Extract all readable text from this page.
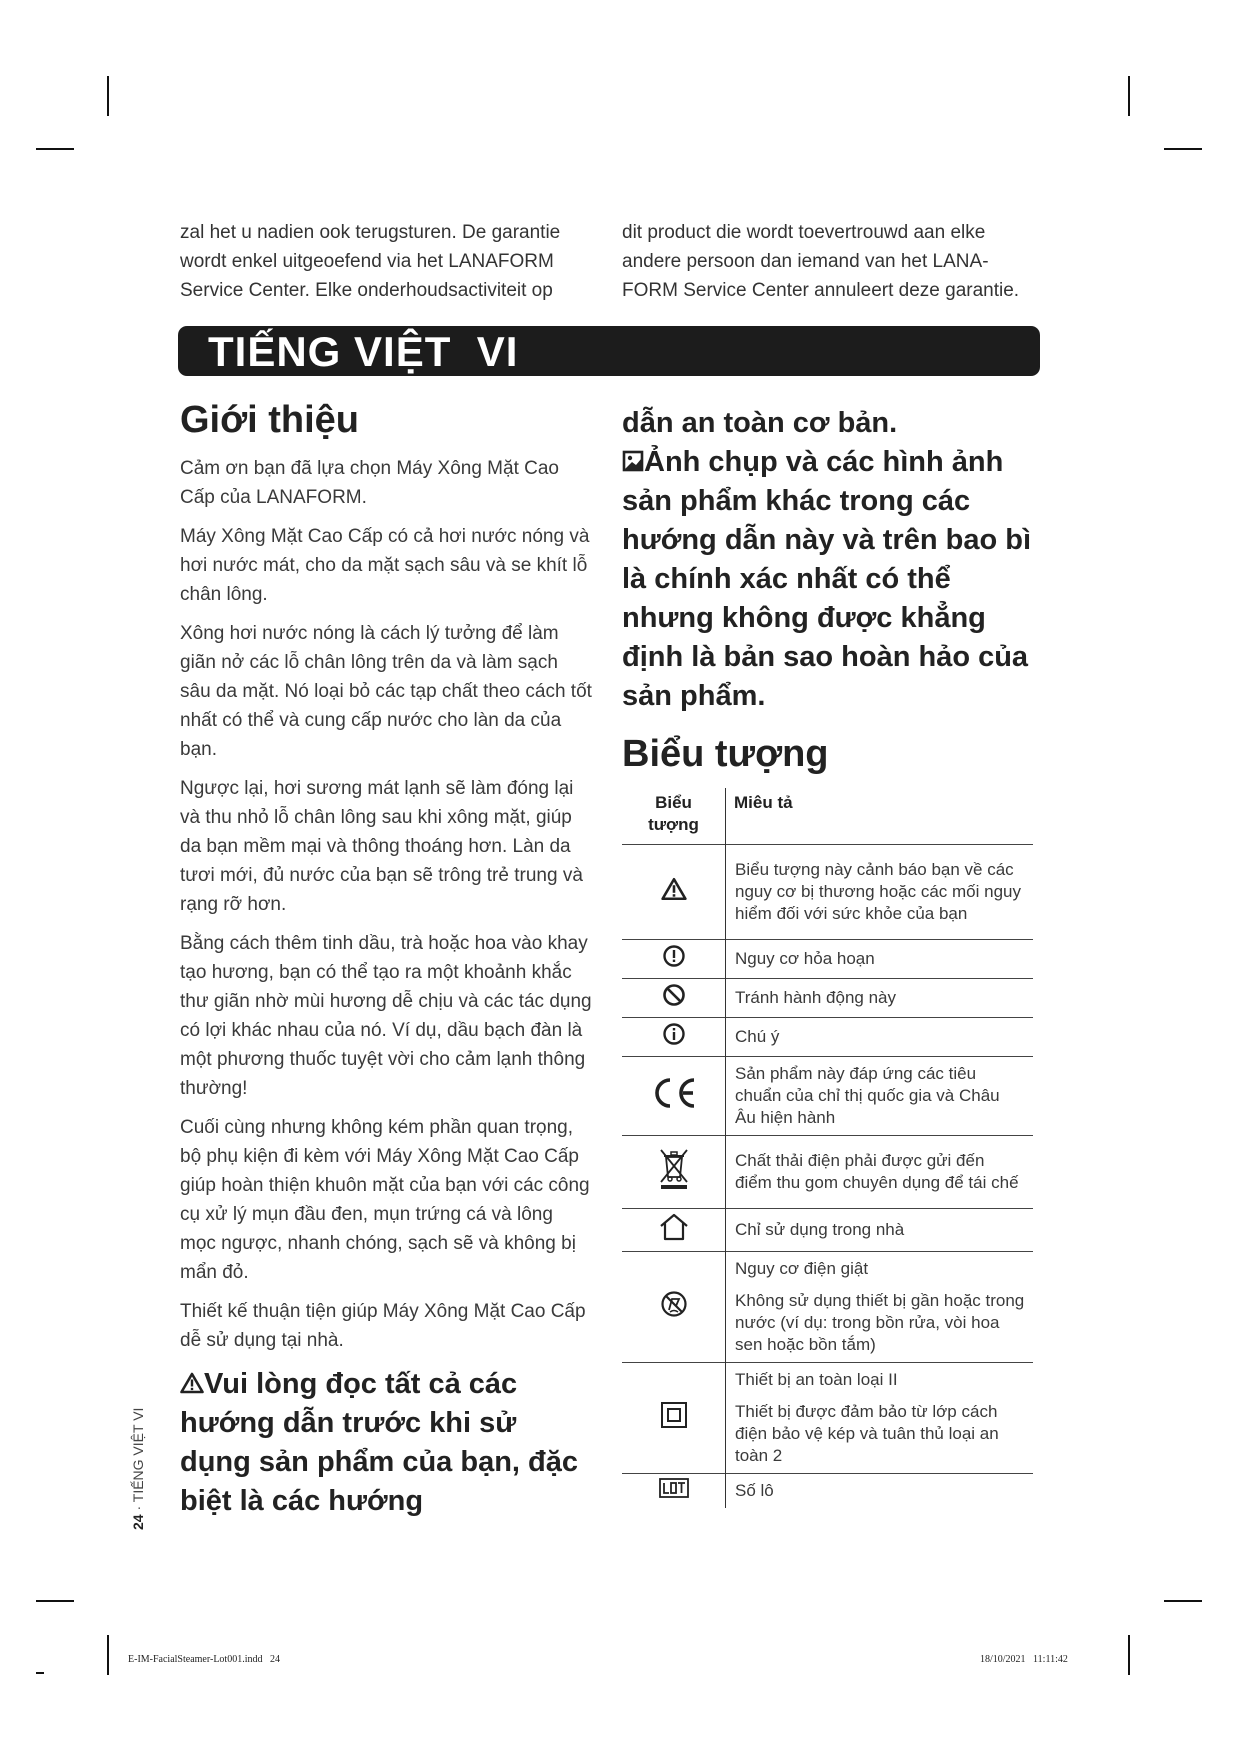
zal het u nadien ook terugsturen. De garantie wordt enkel uitgeoefend via het LANAFORM Service Center. Elke onderhoudsactiviteit op

dit product die wordt toevertrouwd aan elke andere persoon dan iemand van het LANA-FORM Service Center annuleert deze garantie.

TIẾNG VIỆT  VI
Giới thiệu

Cảm ơn bạn đã lựa chọn Máy Xông Mặt Cao Cấp của LANAFORM.

Máy Xông Mặt Cao Cấp có cả hơi nước nóng và hơi nước mát, cho da mặt sạch sâu và se khít lỗ chân lông.

Xông hơi nước nóng là cách lý tưởng để làm giãn nở các lỗ chân lông trên da và làm sạch sâu da mặt. Nó loại bỏ các tạp chất theo cách tốt nhất có thể và cung cấp nước cho làn da của bạn.

Ngược lại, hơi sương mát lạnh sẽ làm đóng lại và thu nhỏ lỗ chân lông sau khi xông mặt, giúp da bạn mềm mại và thông thoáng hơn. Làn da tươi mới, đủ nước của bạn sẽ trông trẻ trung và rạng rỡ hơn.

Bằng cách thêm tinh dầu, trà hoặc hoa vào khay tạo hương, bạn có thể tạo ra một khoảnh khắc thư giãn nhờ mùi hương dễ chịu và các tác dụng có lợi khác nhau của nó. Ví dụ, dầu bạch đàn là một phương thuốc tuyệt vời cho cảm lạnh thông thường!

Cuối cùng nhưng không kém phần quan trọng, bộ phụ kiện đi kèm với Máy Xông Mặt Cao Cấp giúp hoàn thiện khuôn mặt của bạn với các công cụ xử lý mụn đầu đen, mụn trứng cá và lông mọc ngược, nhanh chóng, sạch sẽ và không bị mẩn đỏ.

Thiết kế thuận tiện giúp Máy Xông Mặt Cao Cấp dễ sử dụng tại nhà.

Vui lòng đọc tất cả các hướng dẫn trước khi sử dụng sản phẩm của bạn, đặc biệt là các hướng

dẫn an toàn cơ bản.

Ảnh chụp và các hình ảnh sản phẩm khác trong các hướng dẫn này và trên bao bì là chính xác nhất có thể nhưng không được khẳng định là bản sao hoàn hảo của sản phẩm.

Biểu tượng
Biểu tượng	Miêu tả
	Biểu tượng này cảnh báo bạn về các nguy cơ bị thương hoặc các mối nguy hiểm đối với sức khỏe của bạn
	Nguy cơ hỏa hoạn
	Tránh hành động này
	Chú ý
	Sản phẩm này đáp ứng các tiêu chuẩn của chỉ thị quốc gia và Châu Âu hiện hành
	Chất thải điện phải được gửi đến điểm thu gom chuyên dụng để tái chế
	Chỉ sử dụng trong nhà
	Nguy cơ điện giật
Không sử dụng thiết bị gần hoặc trong nước (ví dụ: trong bồn rửa, vòi hoa sen hoặc bồn tắm)
	Thiết bị an toàn loại II
Thiết bị được đảm bảo từ lớp cách điện bảo vệ kép và tuân thủ loại an toàn 2
	Số lô
24 · TIẾNG VIỆT VI
E-IM-FacialSteamer-Lot001.indd   24	18/10/2021   11:11:42
